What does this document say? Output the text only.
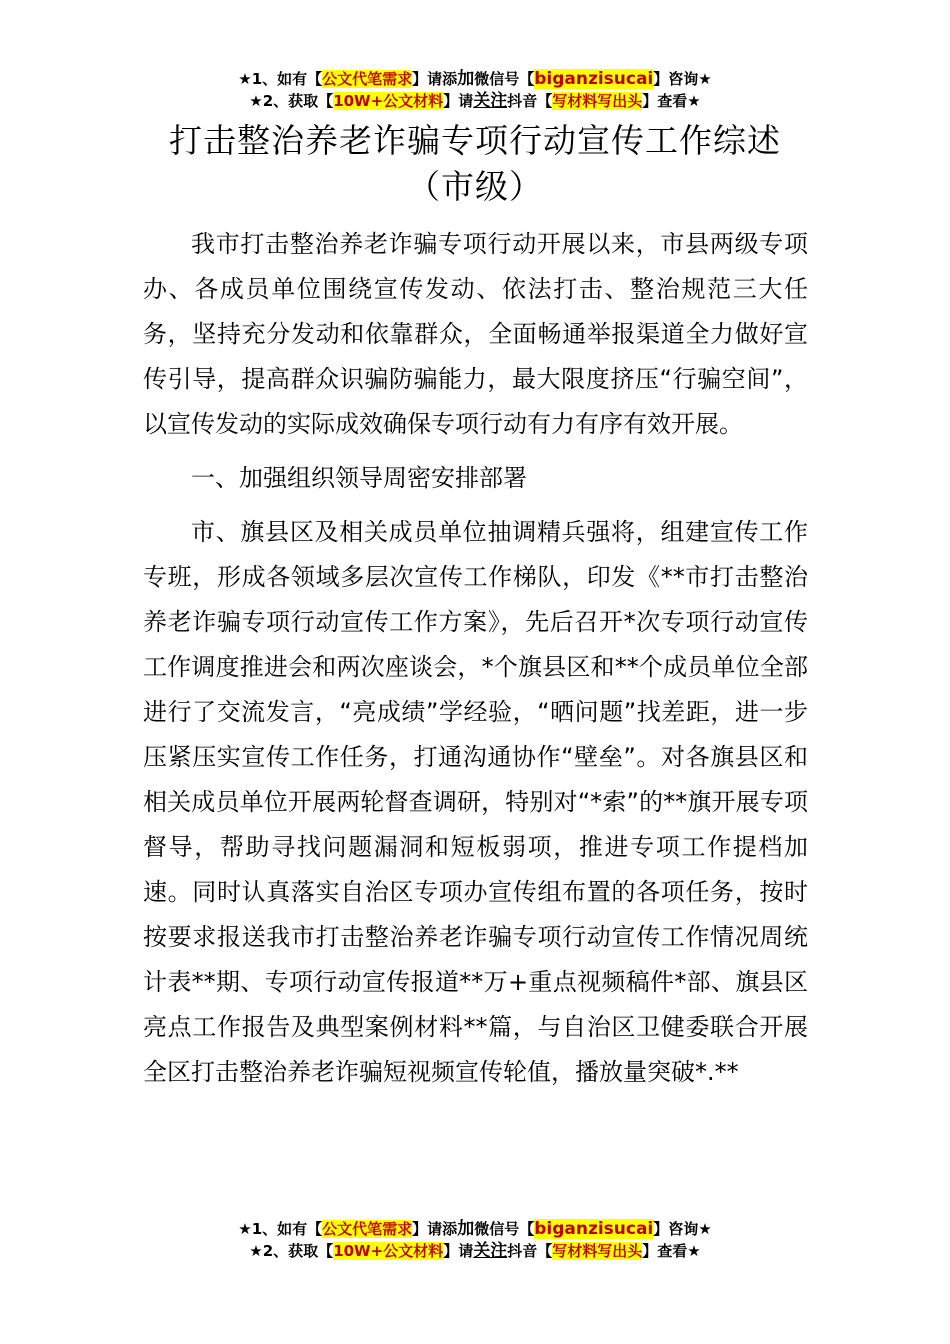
★1、如有【公文代笔需求】请添加微信号【biganzisucai】咨询★
★2、获取【10W+公文材料】请关注抖音【写材料写出头】查看★
打击整治养老诈骗专项行动宣传工作综述
（市级）

我市打击整治养老诈骗专项行动开展以来，市县两级专项办、各成员单位围绕宣传发动、依法打击、整治规范三大任务，坚持充分发动和依靠群众，全面畅通举报渠道全力做好宣传引导，提高群众识骗防骗能力，最大限度挤压“行骗空间”，以宣传发动的实际成效确保专项行动有力有序有效开展。

一、加强组织领导周密安排部署

市、旗县区及相关成员单位抽调精兵强将，组建宣传工作专班，形成各领域多层次宣传工作梯队，印发《**市打击整治养老诈骗专项行动宣传工作方案》，先后召开*次专项行动宣传工作调度推进会和两次座谈会，*个旗县区和**个成员单位全部进行了交流发言，“亮成绩”学经验，“晒问题”找差距，进一步压紧压实宣传工作任务，打通沟通协作“壁垒”。对各旗县区和相关成员单位开展两轮督查调研，特别对“*索”的**旗开展专项督导，帮助寻找问题漏洞和短板弱项，推进专项工作提档加速。同时认真落实自治区专项办宣传组布置的各项任务，按时按要求报送我市打击整治养老诈骗专项行动宣传工作情况周统计表**期、专项行动宣传报道**万+重点视频稿件*部、旗县区亮点工作报告及典型案例材料**篇，与自治区卫健委联合开展全区打击整治养老诈骗短视频宣传轮值，播放量突破*.**

★1、如有【公文代笔需求】请添加微信号【biganzisucai】咨询★
★2、获取【10W+公文材料】请关注抖音【写材料写出头】查看★
